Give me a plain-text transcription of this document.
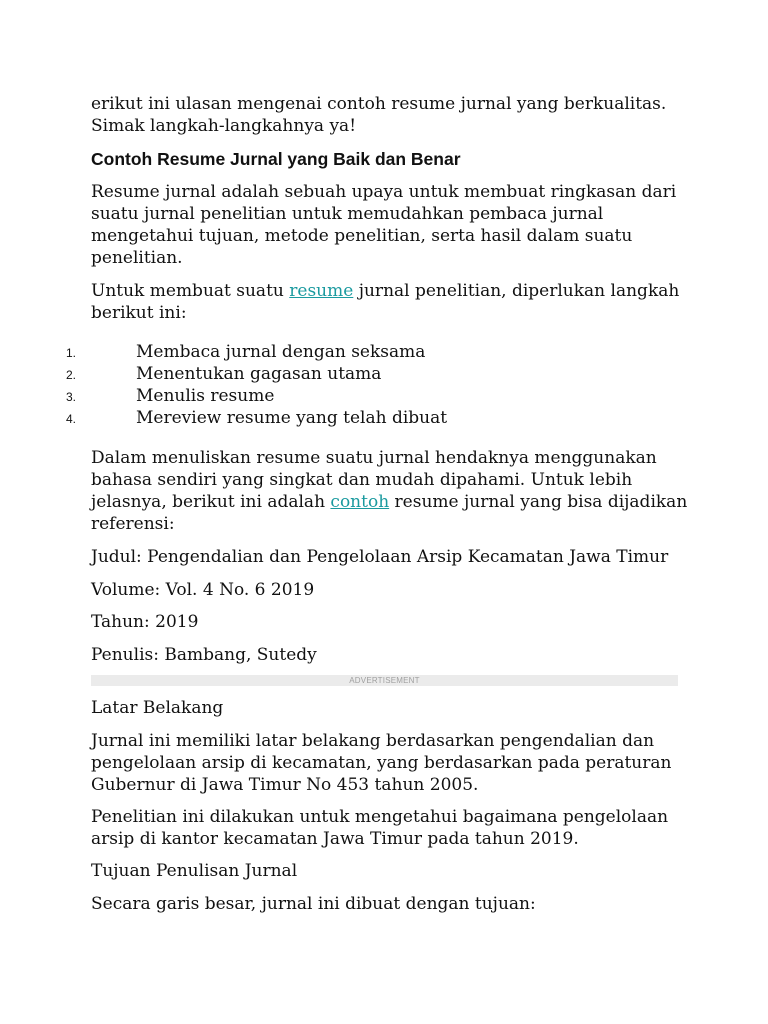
erikut ini ulasan mengenai contoh resume jurnal yang berkualitas.
Simak langkah-langkahnya ya!
Contoh Resume Jurnal yang Baik dan Benar
Resume jurnal adalah sebuah upaya untuk membuat ringkasan dari
suatu jurnal penelitian untuk memudahkan pembaca jurnal
mengetahui tujuan, metode penelitian, serta hasil dalam suatu
penelitian.
Untuk membuat suatu resume jurnal penelitian, diperlukan langkah
berikut ini:
1.	Membaca jurnal dengan seksama
2.	Menentukan gagasan utama
3.	Menulis resume
4.	Mereview resume yang telah dibuat
Dalam menuliskan resume suatu jurnal hendaknya menggunakan
bahasa sendiri yang singkat dan mudah dipahami. Untuk lebih
jelasnya, berikut ini adalah contoh resume jurnal yang bisa dijadikan
referensi:
Judul: Pengendalian dan Pengelolaan Arsip Kecamatan Jawa Timur
Volume: Vol. 4 No. 6 2019
Tahun: 2019
Penulis: Bambang, Sutedy
ADVERTISEMENT
Latar Belakang
Jurnal ini memiliki latar belakang berdasarkan pengendalian dan
pengelolaan arsip di kecamatan, yang berdasarkan pada peraturan
Gubernur di Jawa Timur No 453 tahun 2005.
Penelitian ini dilakukan untuk mengetahui bagaimana pengelolaan
arsip di kantor kecamatan Jawa Timur pada tahun 2019.
Tujuan Penulisan Jurnal
Secara garis besar, jurnal ini dibuat dengan tujuan:
